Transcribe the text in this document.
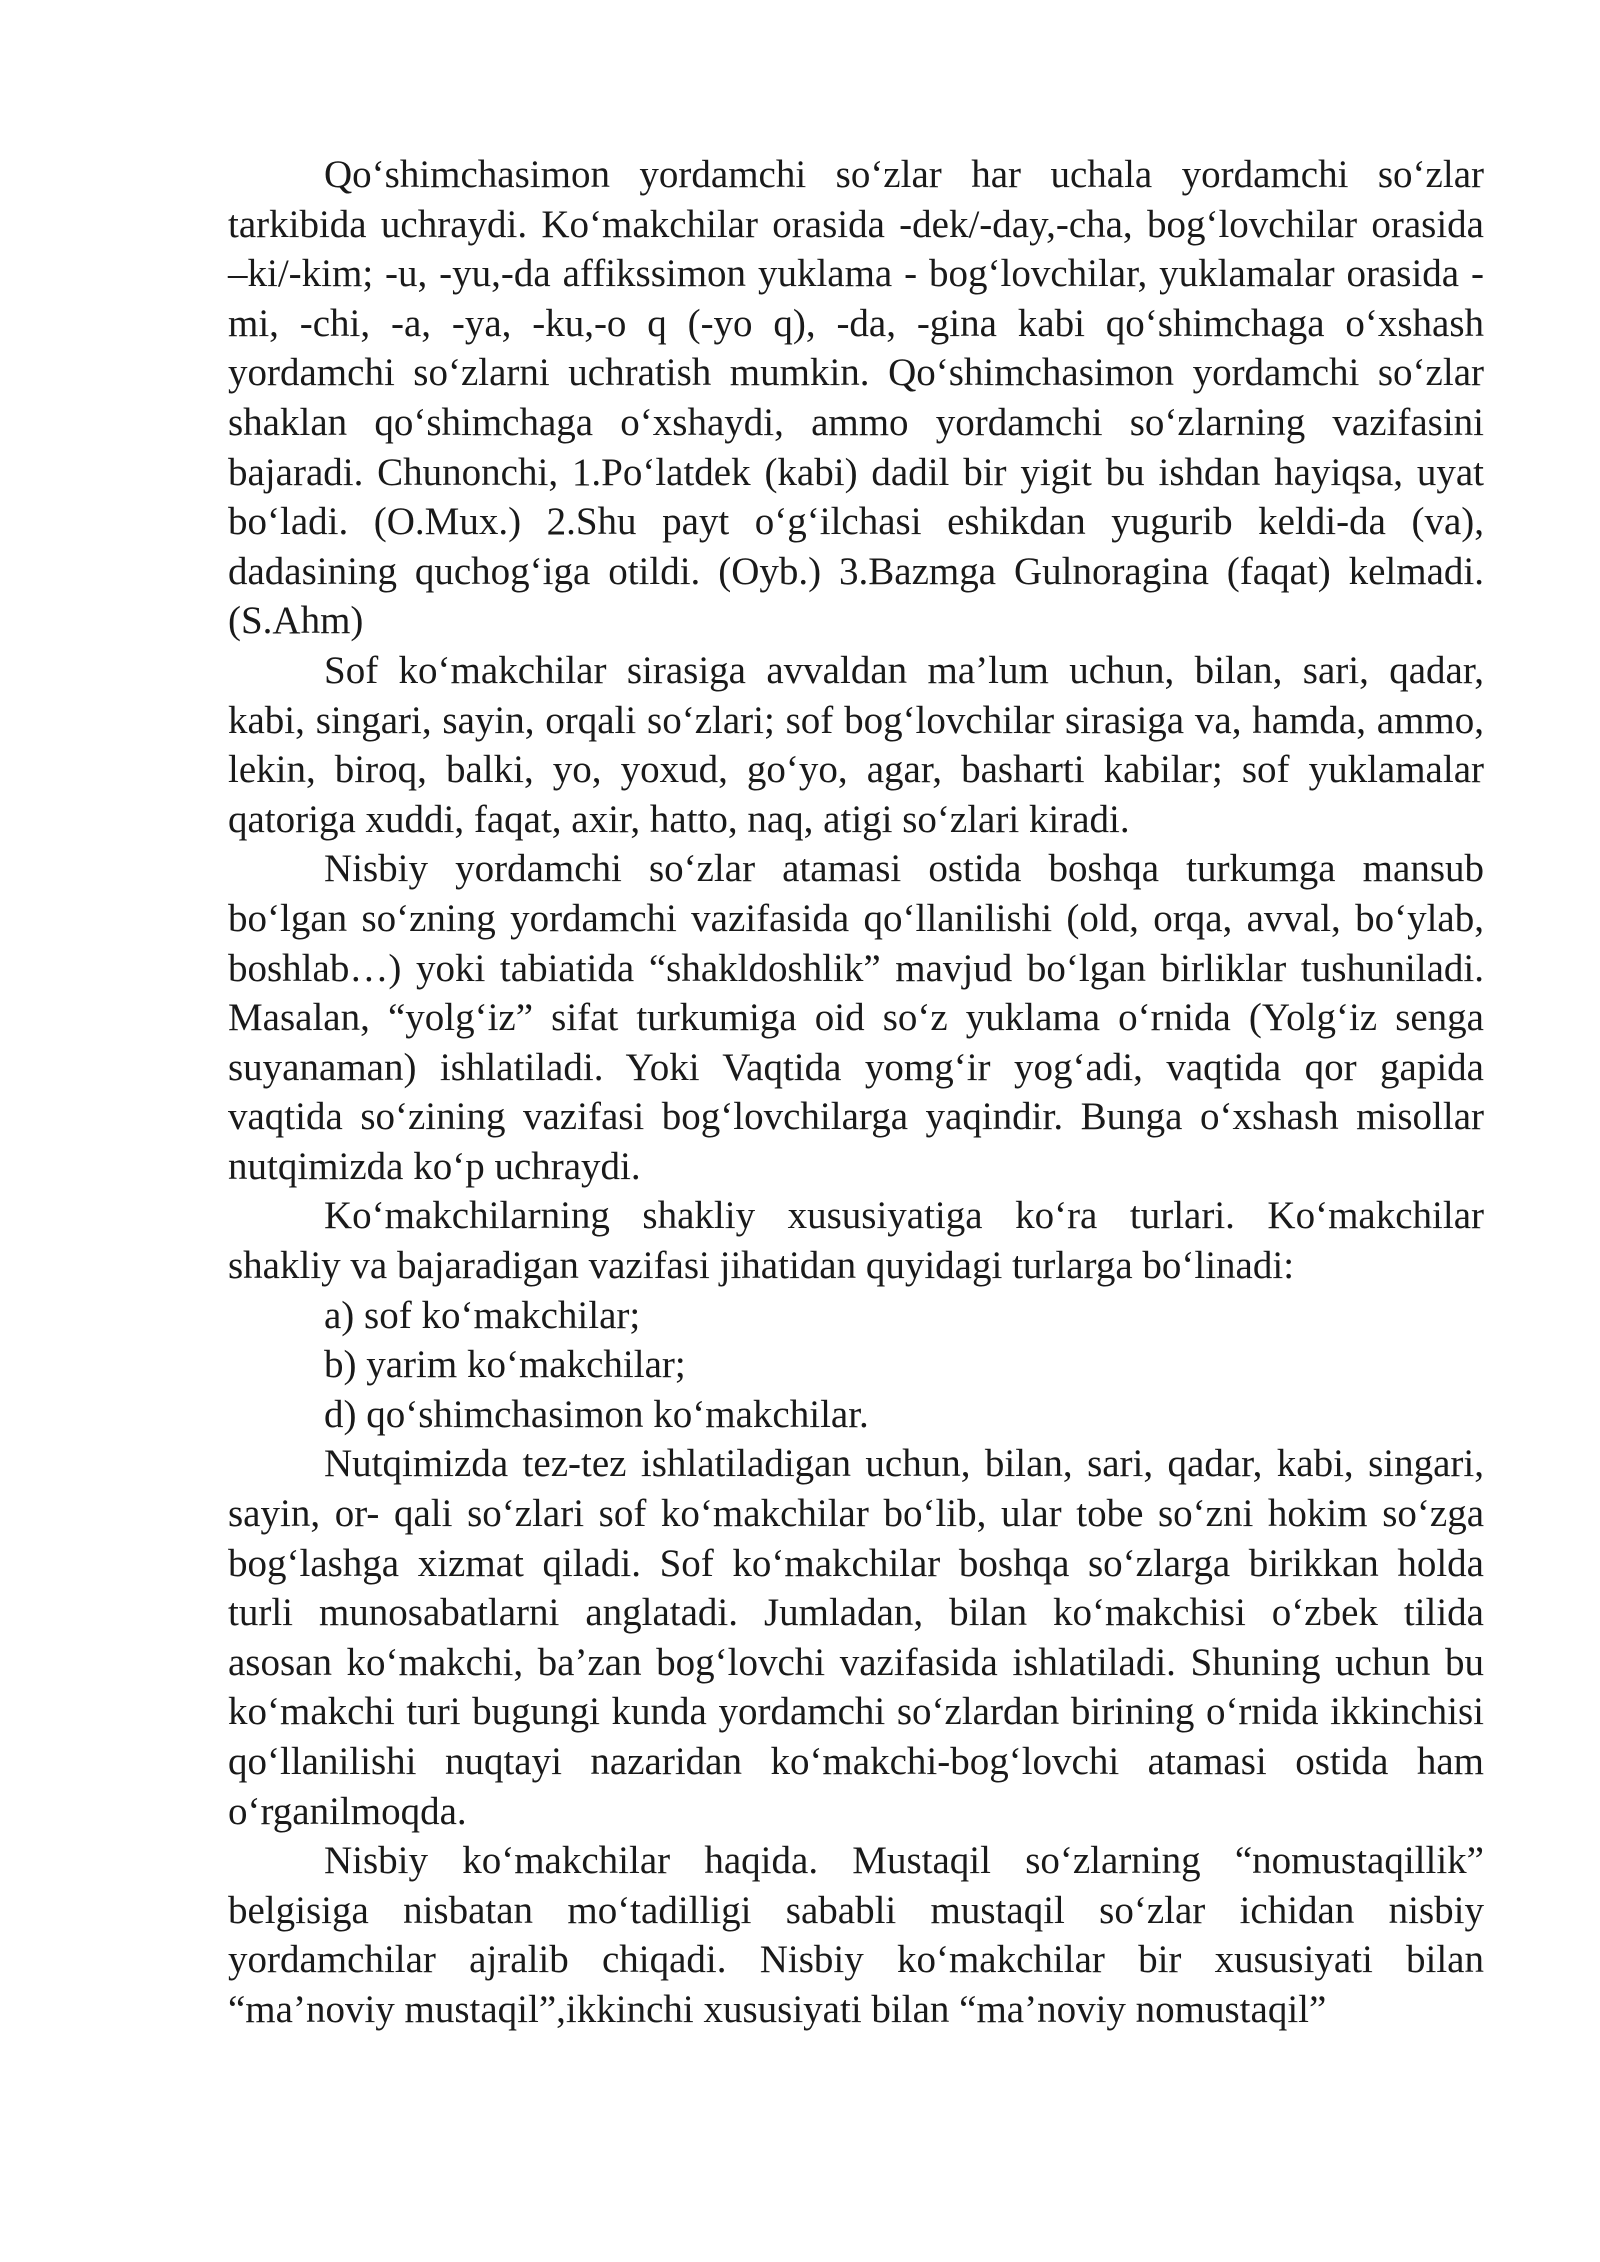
Qo‘shimchasimon yordamchi so‘zlar har uchala yordamchi so‘zlar tarkibida uchraydi. Ko‘makchilar orasida -dek/-day,-cha, bog‘lovchilar orasida –ki/-kim; -u, -yu,-da affikssimon yuklama - bog‘lovchilar, yuklamalar orasida -mi, -chi, -a, -ya, -ku,-o q (-yo q), -da, -gina kabi qo‘shimchaga o‘xshash yordamchi so‘zlarni uchratish mumkin. Qo‘shimchasimon yordamchi so‘zlar shaklan qo‘shimchaga o‘xshaydi, ammo yordamchi so‘zlarning vazifasini bajaradi. Chunonchi, 1.Po‘latdek (kabi) dadil bir yigit bu ishdan hayiqsa, uyat bo‘ladi. (O.Mux.) 2.Shu payt o‘g‘ilchasi eshikdan yugurib keldi-da (va), dadasining quchog‘iga otildi. (Oyb.) 3.Bazmga Gulnoragina (faqat) kelmadi. (S.Ahm)

Sof ko‘makchilar sirasiga avvaldan ma’lum uchun, bilan, sari, qadar, kabi, singari, sayin, orqali so‘zlari; sof bog‘lovchilar sirasiga va, hamda, ammo, lekin, biroq, balki, yo, yoxud, go‘yo, agar, basharti kabilar; sof yuklamalar qatoriga xuddi, faqat, axir, hatto, naq, atigi so‘zlari kiradi.

Nisbiy yordamchi so‘zlar atamasi ostida boshqa turkumga mansub bo‘lgan so‘zning yordamchi vazifasida qo‘llanilishi (old, orqa, avval, bo‘ylab, boshlab…) yoki tabiatida “shakldoshlik” mavjud bo‘lgan birliklar tushuniladi. Masalan, “yolg‘iz” sifat turkumiga oid so‘z yuklama o‘rnida (Yolg‘iz senga suyanaman) ishlatiladi. Yoki Vaqtida yomg‘ir yog‘adi, vaqtida qor gapida vaqtida so‘zining vazifasi bog‘lovchilarga yaqindir. Bunga o‘xshash misollar nutqimizda ko‘p uchraydi.

Ko‘makchilarning shakliy xususiyatiga ko‘ra turlari. Ko‘makchilar shakliy va bajaradigan vazifasi jihatidan quyidagi turlarga bo‘linadi:

a) sof ko‘makchilar;

b) yarim ko‘makchilar;

d) qo‘shimchasimon ko‘makchilar.

Nutqimizda tez-tez ishlatiladigan uchun, bilan, sari, qadar, kabi, singari, sayin, or- qali so‘zlari sof ko‘makchilar bo‘lib, ular tobe so‘zni hokim so‘zga bog‘lashga xizmat qiladi. Sof ko‘makchilar boshqa so‘zlarga birikkan holda turli munosabatlarni anglatadi. Jumladan, bilan ko‘makchisi o‘zbek tilida asosan ko‘makchi, ba’zan bog‘lovchi vazifasida ishlatiladi. Shuning uchun bu ko‘makchi turi bugungi kunda yordamchi so‘zlardan birining o‘rnida ikkinchisi qo‘llanilishi nuqtayi nazaridan ko‘makchi-bog‘lovchi atamasi ostida ham o‘rganilmoqda.

Nisbiy ko‘makchilar haqida. Mustaqil so‘zlarning “nomustaqillik” belgisiga nisbatan mo‘tadilligi sababli mustaqil so‘zlar ichidan nisbiy yordamchilar ajralib chiqadi. Nisbiy ko‘makchilar bir xususiyati bilan “ma’noviy mustaqil”,ikkinchi xususiyati bilan “ma’noviy nomustaqil”
